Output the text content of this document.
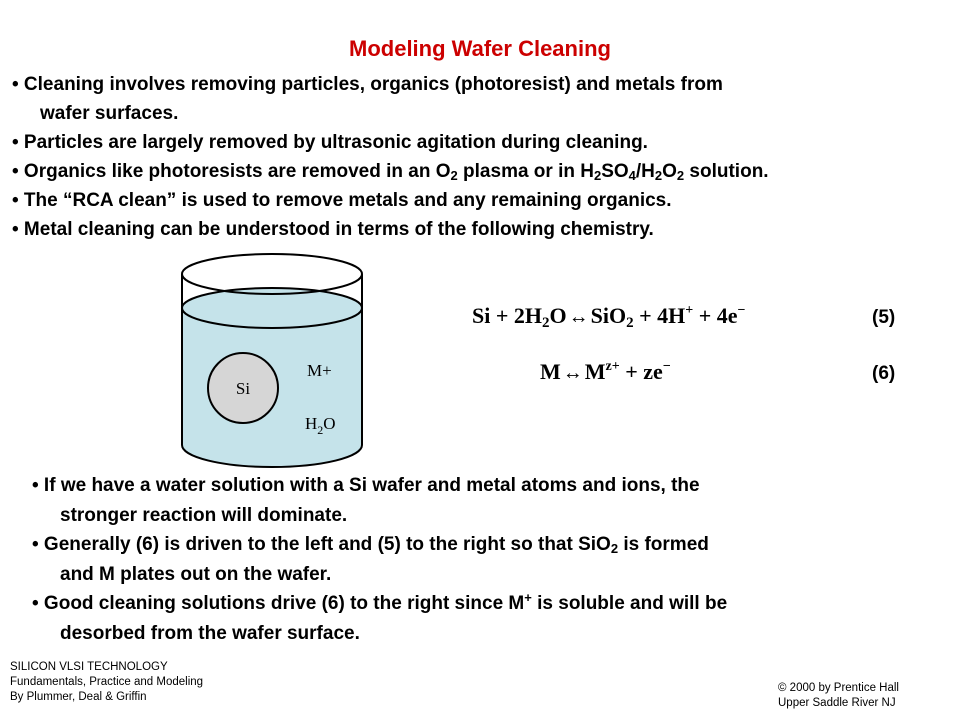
Modeling Wafer Cleaning
• Cleaning involves removing particles, organics (photoresist) and metals from
wafer surfaces.
• Particles are largely removed by ultrasonic agitation during cleaning.
• Organics like photoresists are removed in an $O_2$ plasma or in $H_2SO_4/H_2O_2$ solution.
• The “RCA clean” is used to remove metals and any remaining organics.
• Metal cleaning can be understood in terms of the following chemistry.
Si
M+
$H_2O$
$Si + 2H_2O$ ↔SiO$_2$ + 4H+ + 4e−	(5)
M $\leftrightarrow M^{z+} + ze^-$	(6)
• If we have a water solution with a Si wafer and metal atoms and ions, the
stronger reaction will dominate.
• Generally (6) is driven to the left and (5) to the right so that SiO$_2$ is formed
and M plates out on the wafer.
• Good cleaning solutions drive (6) to the right since M+ is soluble and will be
desorbed from the wafer surface.
SILICON VLSI TECHNOLOGY
Fundamentals, Practice and Modeling
By Plummer, Deal & Griffin
© 2000 by Prentice Hall
Upper Saddle River NJ
